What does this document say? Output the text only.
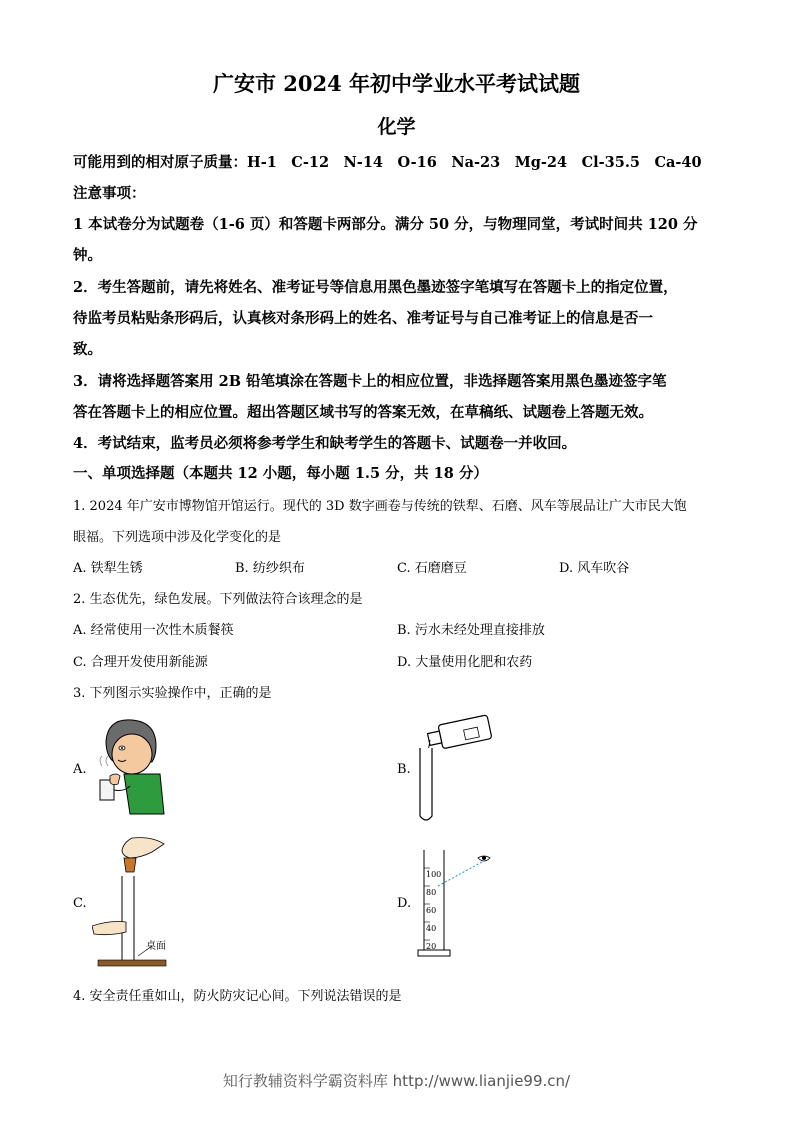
广安市 2024 年初中学业水平考试试题
化学
可能用到的相对原子质量：H-1　C-12　N-14　O-16　Na-23　Mg-24　Cl-35.5　Ca-40
注意事项：
1 本试卷分为试题卷（1-6 页）和答题卡两部分。满分 50 分，与物理同堂，考试时间共 120 分
钟。
2．考生答题前，请先将姓名、准考证号等信息用黑色墨迹签字笔填写在答题卡上的指定位置，
待监考员粘贴条形码后，认真核对条形码上的姓名、准考证号与自己准考证上的信息是否一
致。
3．请将选择题答案用 2B 铅笔填涂在答题卡上的相应位置，非选择题答案用黑色墨迹签字笔
答在答题卡上的相应位置。超出答题区域书写的答案无效，在草稿纸、试题卷上答题无效。
4．考试结束，监考员必须将参考学生和缺考学生的答题卡、试题卷一并收回。
一、单项选择题（本题共 12 小题，每小题 1.5 分，共 18 分）
1. 2024 年广安市博物馆开馆运行。现代的 3D 数字画卷与传统的铁犁、石磨、风车等展品让广大市民大饱
眼福。下列选项中涉及化学变化的是
A. 铁犁生锈	B. 纺纱织布	C. 石磨磨豆	D. 风车吹谷
2. 生态优先，绿色发展。下列做法符合该理念的是
A. 经常使用一次性木质餐筷	B. 污水未经处理直接排放
C. 合理开发使用新能源	D. 大量使用化肥和农药
3. 下列图示实验操作中，正确的是
A.	B.
C.
桌面
D.
100
80
60
40
20
4. 安全责任重如山，防火防灾记心间。下列说法错误的是
知行教辅资料学霸资料库 http://www.lianjie99.cn/
